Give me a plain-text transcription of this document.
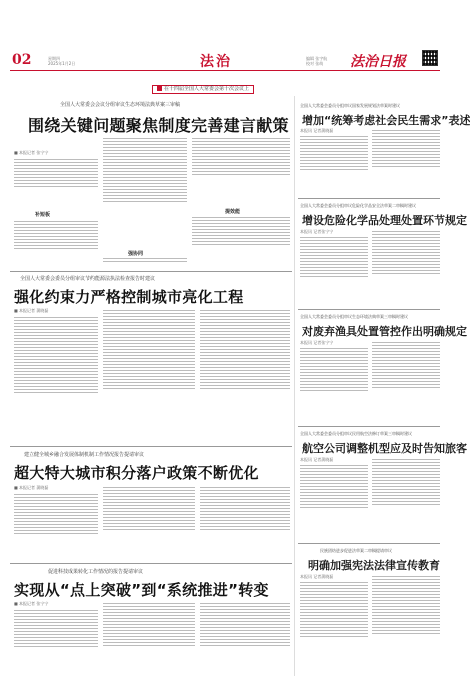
02	星期四
2025年1月2日	法治	编辑 张宇航
校对 张萌 法治日报
在十四届全国人大常委会第十次会议上
全国人大常委会会议分组审议生态环境法典草案三审稿
围绕关键问题聚焦制度完善建言献策
■ 本报记者 张宁宁
补短板
强协同
提效能
全国人大常委会委员分组审议节约能源法执法检查报告时建议
强化约束力严格控制城市亮化工程
■ 本报记者 蒲晓磊
建立健全城乡融合发展体制机制工作情况报告提请审议
超大特大城市积分落户政策不断优化
■ 本报记者 蒲晓磊
促进科技成果转化工作情况的报告提请审议
实现从“点上突破”到“系统推进”转变
■ 本报记者 张宁宁
全国人大常委会委员分组审议国家发展规划法草案时建议
增加“统筹考虑社会民生需求”表述
本报讯 记者蒲晓磊
全国人大常委会委员分组审议危险化学品安全法草案二审稿时建议
增设危险化学品处理处置环节规定
本报讯 记者张宁宁
全国人大常委会委员分组审议生态环境法典草案三审稿时建议
对废弃渔具处置管控作出明确规定
本报讯 记者张宁宁
全国人大常委会委员分组审议民用航空法修订草案三审稿时建议
航空公司调整机型应及时告知旅客
本报讯 记者蒲晓磊
民族团结进步促进法草案二审稿提请审议
明确加强宪法法律宣传教育
本报讯 记者蒲晓磊
